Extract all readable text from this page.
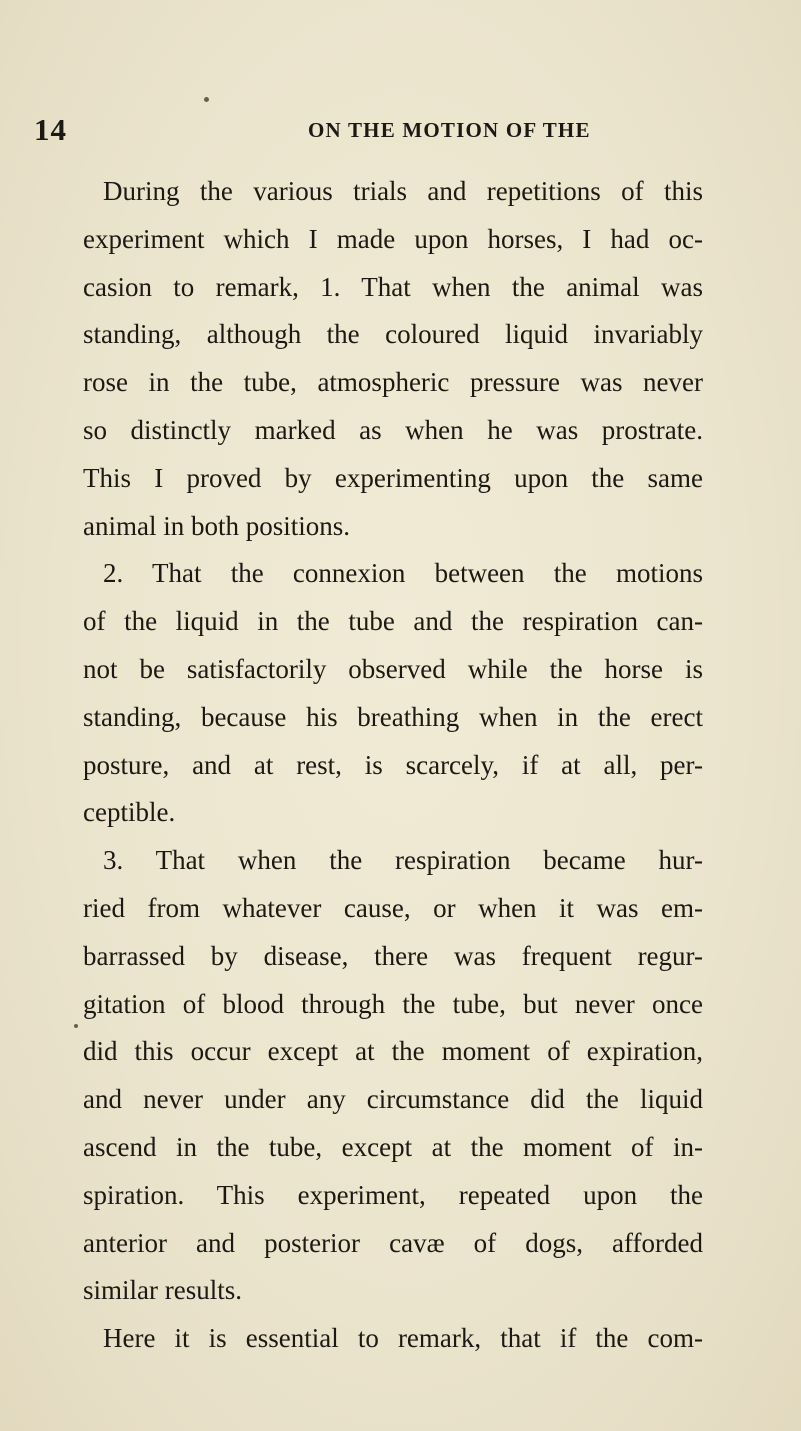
14	ON THE MOTION OF THE
During the various trials and repetitions of this
experiment which I made upon horses, I had oc-
casion to remark, 1. That when the animal was
standing, although the coloured liquid invariably
rose in the tube, atmospheric pressure was never
so distinctly marked as when he was prostrate.
This I proved by experimenting upon the same
animal in both positions.
2. That the connexion between the motions
of the liquid in the tube and the respiration can-
not be satisfactorily observed while the horse is
standing, because his breathing when in the erect
posture, and at rest, is scarcely, if at all, per-
ceptible.
3. That when the respiration became hur-
ried from whatever cause, or when it was em-
barrassed by disease, there was frequent regur-
gitation of blood through the tube, but never once
did this occur except at the moment of expiration,
and never under any circumstance did the liquid
ascend in the tube, except at the moment of in-
spiration. This experiment, repeated upon the
anterior and posterior cavæ of dogs, afforded
similar results.
Here it is essential to remark, that if the com-
